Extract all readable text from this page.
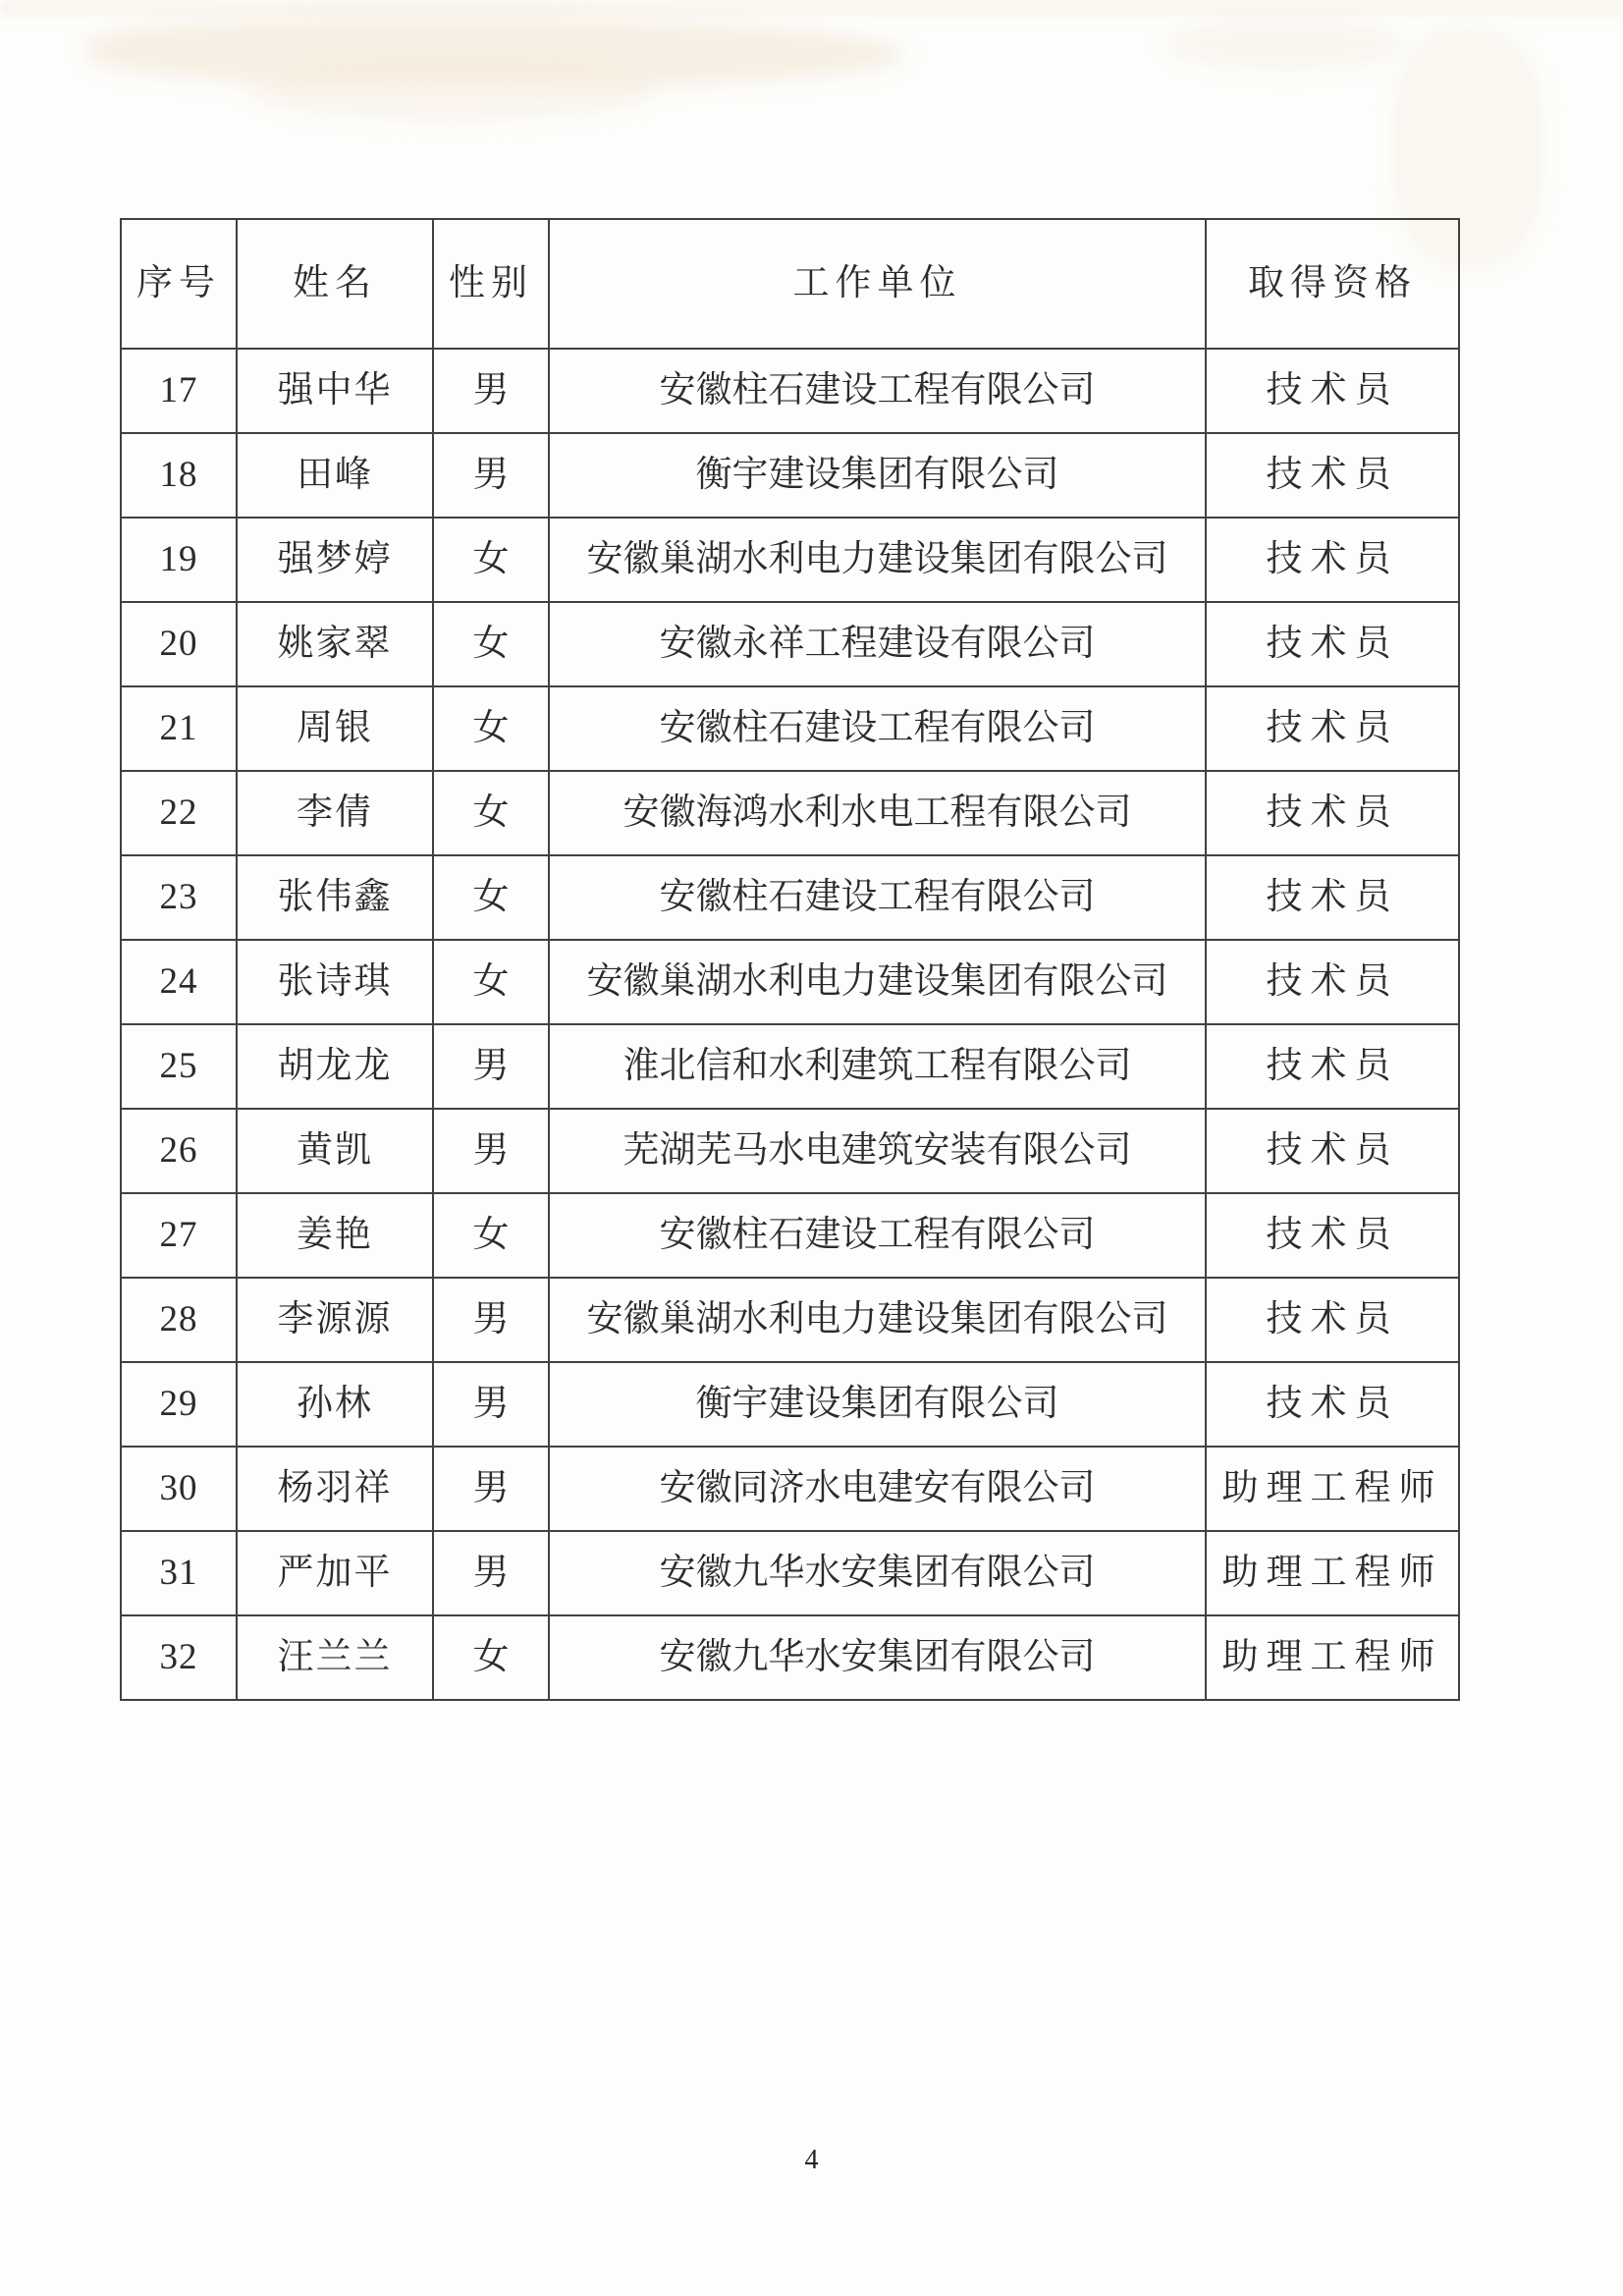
序号	姓名	性别	工作单位	取得资格
17	强中华	男	安徽柱石建设工程有限公司	技术员
18	田峰	男	衡宇建设集团有限公司	技术员
19	强梦婷	女	安徽巢湖水利电力建设集团有限公司	技术员
20	姚家翠	女	安徽永祥工程建设有限公司	技术员
21	周银	女	安徽柱石建设工程有限公司	技术员
22	李倩	女	安徽海鸿水利水电工程有限公司	技术员
23	张伟鑫	女	安徽柱石建设工程有限公司	技术员
24	张诗琪	女	安徽巢湖水利电力建设集团有限公司	技术员
25	胡龙龙	男	淮北信和水利建筑工程有限公司	技术员
26	黄凯	男	芜湖芜马水电建筑安装有限公司	技术员
27	姜艳	女	安徽柱石建设工程有限公司	技术员
28	李源源	男	安徽巢湖水利电力建设集团有限公司	技术员
29	孙林	男	衡宇建设集团有限公司	技术员
30	杨羽祥	男	安徽同济水电建安有限公司	助理工程师
31	严加平	男	安徽九华水安集团有限公司	助理工程师
32	汪兰兰	女	安徽九华水安集团有限公司	助理工程师
4
